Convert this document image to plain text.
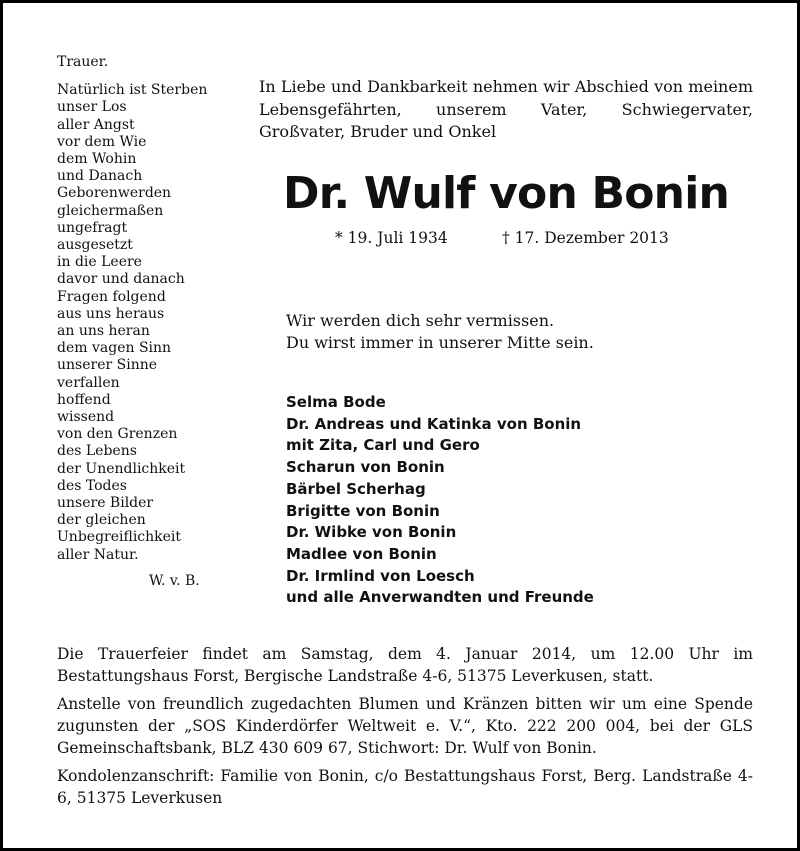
Trauer.
Natürlich ist Sterben
unser Los
aller Angst
vor dem Wie
dem Wohin
und Danach
Geborenwerden
gleichermaßen
ungefragt
ausgesetzt
in die Leere
davor und danach
Fragen folgend
aus uns heraus
an uns heran
dem vagen Sinn
unserer Sinne
verfallen
hoffend
wissend
von den Grenzen
des Lebens
der Unendlichkeit
des Todes
unsere Bilder
der gleichen
Unbegreiflichkeit
aller Natur.
W. v. B.
In Liebe und Dankbarkeit nehmen wir Abschied von meinem Lebensgefährten, unserem Vater, Schwiegervater, Großvater, Bruder und Onkel
Dr. Wulf von Bonin
* 19. Juli 1934	† 17. Dezember 2013
Wir werden dich sehr vermissen.
Du wirst immer in unserer Mitte sein.
Selma Bode
Dr. Andreas und Katinka von Bonin
mit Zita, Carl und Gero
Scharun von Bonin
Bärbel Scherhag
Brigitte von Bonin
Dr. Wibke von Bonin
Madlee von Bonin
Dr. Irmlind von Loesch
und alle Anverwandten und Freunde

Die Trauerfeier findet am Samstag, dem 4. Januar 2014, um 12.00 Uhr im Bestattungshaus Forst, Bergische Landstraße 4-6, 51375 Leverkusen, statt.

Anstelle von freundlich zugedachten Blumen und Kränzen bitten wir um eine Spende zugunsten der „SOS Kinderdörfer Weltweit e. V.“, Kto. 222 200 004, bei der GLS Gemeinschaftsbank, BLZ 430 609 67, Stichwort: Dr. Wulf von Bonin.

Kondolenzanschrift: Familie von Bonin, c/o Bestattungshaus Forst, Berg. Landstraße 4-6, 51375 Leverkusen
